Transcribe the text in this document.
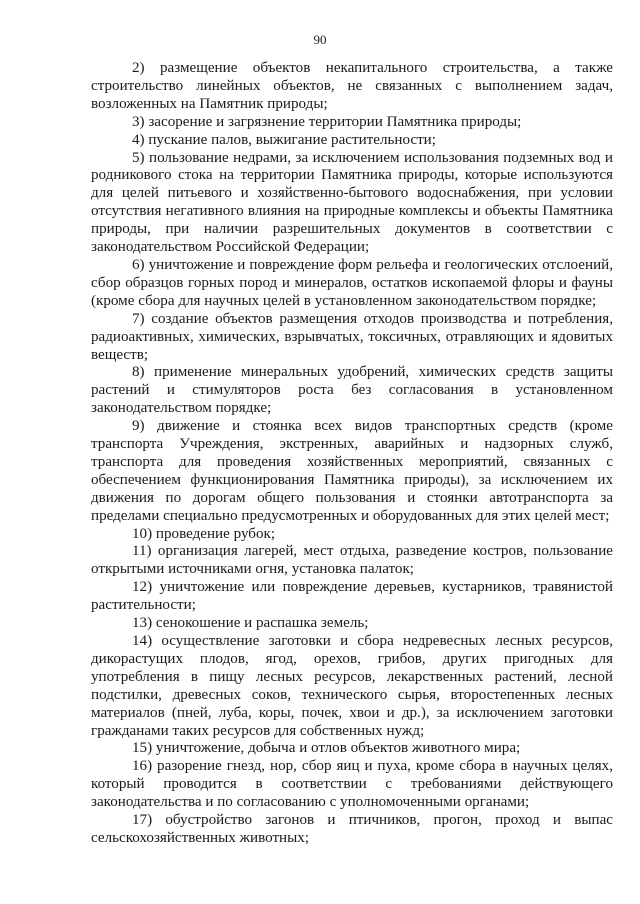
90

2) размещение объектов некапитального строительства, а также строительство линейных объектов, не связанных с выполнением задач, возложенных на Памятник природы;

3) засорение и загрязнение территории Памятника природы;

4) пускание палов, выжигание растительности;

5) пользование недрами, за исключением использования подземных вод и родникового стока на территории Памятника природы, которые используются для целей питьевого и хозяйственно-бытового водоснабжения, при условии отсутствия негативного влияния на природные комплексы и объекты Памятника природы, при наличии разрешительных документов в соответствии с законодательством Российской Федерации;

6) уничтожение и повреждение форм рельефа и геологических отслоений, сбор образцов горных пород и минералов, остатков ископаемой флоры и фауны (кроме сбора для научных целей в установленном законодательством порядке;

7) создание объектов размещения отходов производства и потребления, радиоактивных, химических, взрывчатых, токсичных, отравляющих и ядовитых веществ;

8) применение минеральных удобрений, химических средств защиты растений и стимуляторов роста без согласования в установленном законодательством порядке;

9) движение и стоянка всех видов транспортных средств (кроме транспорта Учреждения, экстренных, аварийных и надзорных служб, транспорта для проведения хозяйственных мероприятий, связанных с обеспечением функционирования Памятника природы), за исключением их движения по дорогам общего пользования и стоянки автотранспорта за пределами специально предусмотренных и оборудованных для этих целей мест;

10) проведение рубок;

11) организация лагерей, мест отдыха, разведение костров, пользование открытыми источниками огня, установка палаток;

12) уничтожение или повреждение деревьев, кустарников, травянистой растительности;

13) сенокошение и распашка земель;

14) осуществление заготовки и сбора недревесных лесных ресурсов, дикорастущих плодов, ягод, орехов, грибов, других пригодных для употребления в пищу лесных ресурсов, лекарственных растений, лесной подстилки, древесных соков, технического сырья, второстепенных лесных материалов (пней, луба, коры, почек, хвои и др.), за исключением заготовки гражданами таких ресурсов для собственных нужд;

15) уничтожение, добыча и отлов объектов животного мира;

16) разорение гнезд, нор, сбор яиц и пуха, кроме сбора в научных целях, который проводится в соответствии с требованиями действующего законодательства и по согласованию с уполномоченными органами;

17) обустройство загонов и птичников, прогон, проход и выпас сельскохозяйственных животных;
